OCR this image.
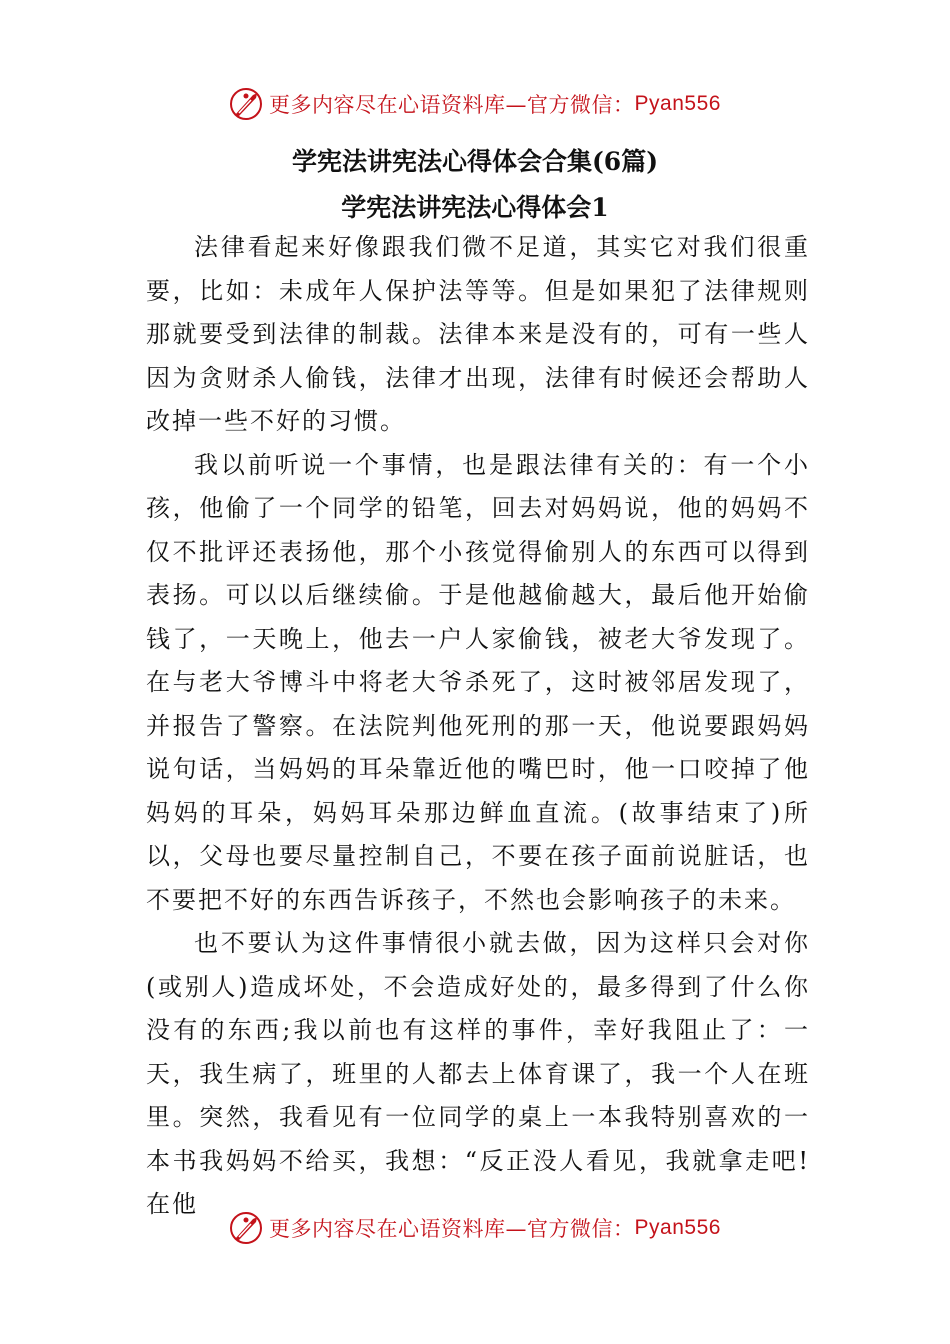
更多内容尽在心语资料库—官方微信： Pyan556
学宪法讲宪法心得体会合集(6篇)
学宪法讲宪法心得体会1

法律看起来好像跟我们微不足道，其实它对我们很重要，比如：未成年人保护法等等。但是如果犯了法律规则那就要受到法律的制裁。法律本来是没有的，可有一些人因为贪财杀人偷钱，法律才出现，法律有时候还会帮助人改掉一些不好的习惯。

我以前听说一个事情，也是跟法律有关的：有一个小孩，他偷了一个同学的铅笔，回去对妈妈说，他的妈妈不仅不批评还表扬他，那个小孩觉得偷别人的东西可以得到表扬。可以以后继续偷。于是他越偷越大，最后他开始偷钱了，一天晚上，他去一户人家偷钱，被老大爷发现了。在与老大爷博斗中将老大爷杀死了，这时被邻居发现了，并报告了警察。在法院判他死刑的那一天，他说要跟妈妈说句话，当妈妈的耳朵靠近他的嘴巴时，他一口咬掉了他妈妈的耳朵，妈妈耳朵那边鲜血直流。(故事结束了)所以，父母也要尽量控制自己，不要在孩子面前说脏话，也不要把不好的东西告诉孩子，不然也会影响孩子的未来。

也不要认为这件事情很小就去做，因为这样只会对你(或别人)造成坏处，不会造成好处的，最多得到了什么你没有的东西;我以前也有这样的事件，幸好我阻止了：一天，我生病了，班里的人都去上体育课了，我一个人在班里。突然，我看见有一位同学的桌上一本我特别喜欢的一本书我妈妈不给买，我想：“反正没人看见，我就拿走吧!在他

更多内容尽在心语资料库—官方微信： Pyan556
